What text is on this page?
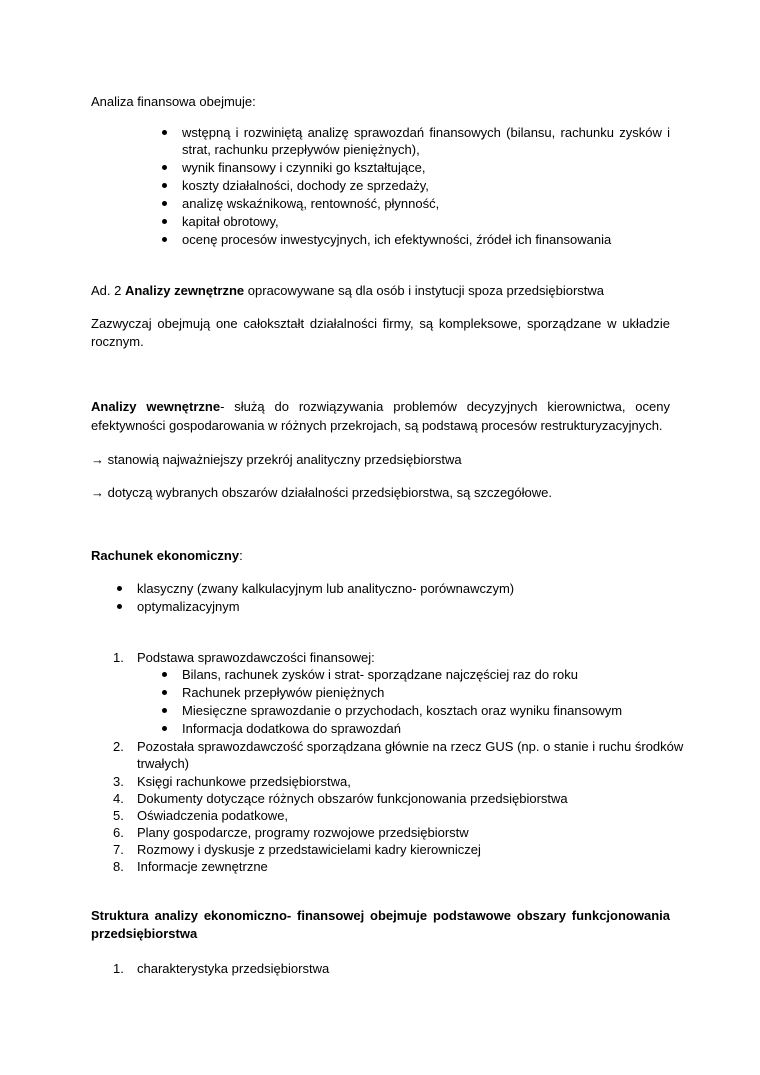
Analiza finansowa obejmuje:
wstępną i rozwiniętą analizę sprawozdań finansowych (bilansu, rachunku zysków i
strat, rachunku przepływów pieniężnych),
wynik finansowy i czynniki go kształtujące,
koszty działalności, dochody ze sprzedaży,
analizę wskaźnikową, rentowność, płynność,
kapitał obrotowy,
ocenę procesów inwestycyjnych, ich efektywności, źródeł ich finansowania
Ad. 2 Analizy zewnętrzne opracowywane są dla osób i instytucji spoza przedsiębiorstwa
Zazwyczaj obejmują one całokształt działalności firmy, są kompleksowe, sporządzane w układzie
rocznym.
Analizy wewnętrzne- służą do rozwiązywania problemów decyzyjnych kierownictwa, oceny
efektywności gospodarowania w różnych przekrojach, są podstawą procesów restrukturyzacyjnych.
→ stanowią najważniejszy przekrój analityczny przedsiębiorstwa
→ dotyczą wybranych obszarów działalności przedsiębiorstwa, są szczegółowe.
Rachunek ekonomiczny:
klasyczny (zwany kalkulacyjnym lub analityczno- porównawczym)
optymalizacyjnym
1. Podstawa sprawozdawczości finansowej:
Bilans, rachunek zysków i strat- sporządzane najczęściej raz do roku
Rachunek przepływów pieniężnych
Miesięczne sprawozdanie o przychodach, kosztach oraz wyniku finansowym
Informacja dodatkowa do sprawozdań
2. Pozostała sprawozdawczość sporządzana głównie na rzecz GUS (np. o stanie i ruchu środków
trwałych)
3. Księgi rachunkowe przedsiębiorstwa,
4. Dokumenty dotyczące różnych obszarów funkcjonowania przedsiębiorstwa
5. Oświadczenia podatkowe,
6. Plany gospodarcze, programy rozwojowe przedsiębiorstw
7. Rozmowy i dyskusje z przedstawicielami kadry kierowniczej
8. Informacje zewnętrzne
Struktura analizy ekonomiczno- finansowej obejmuje podstawowe obszary funkcjonowania
przedsiębiorstwa
1. charakterystyka przedsiębiorstwa
